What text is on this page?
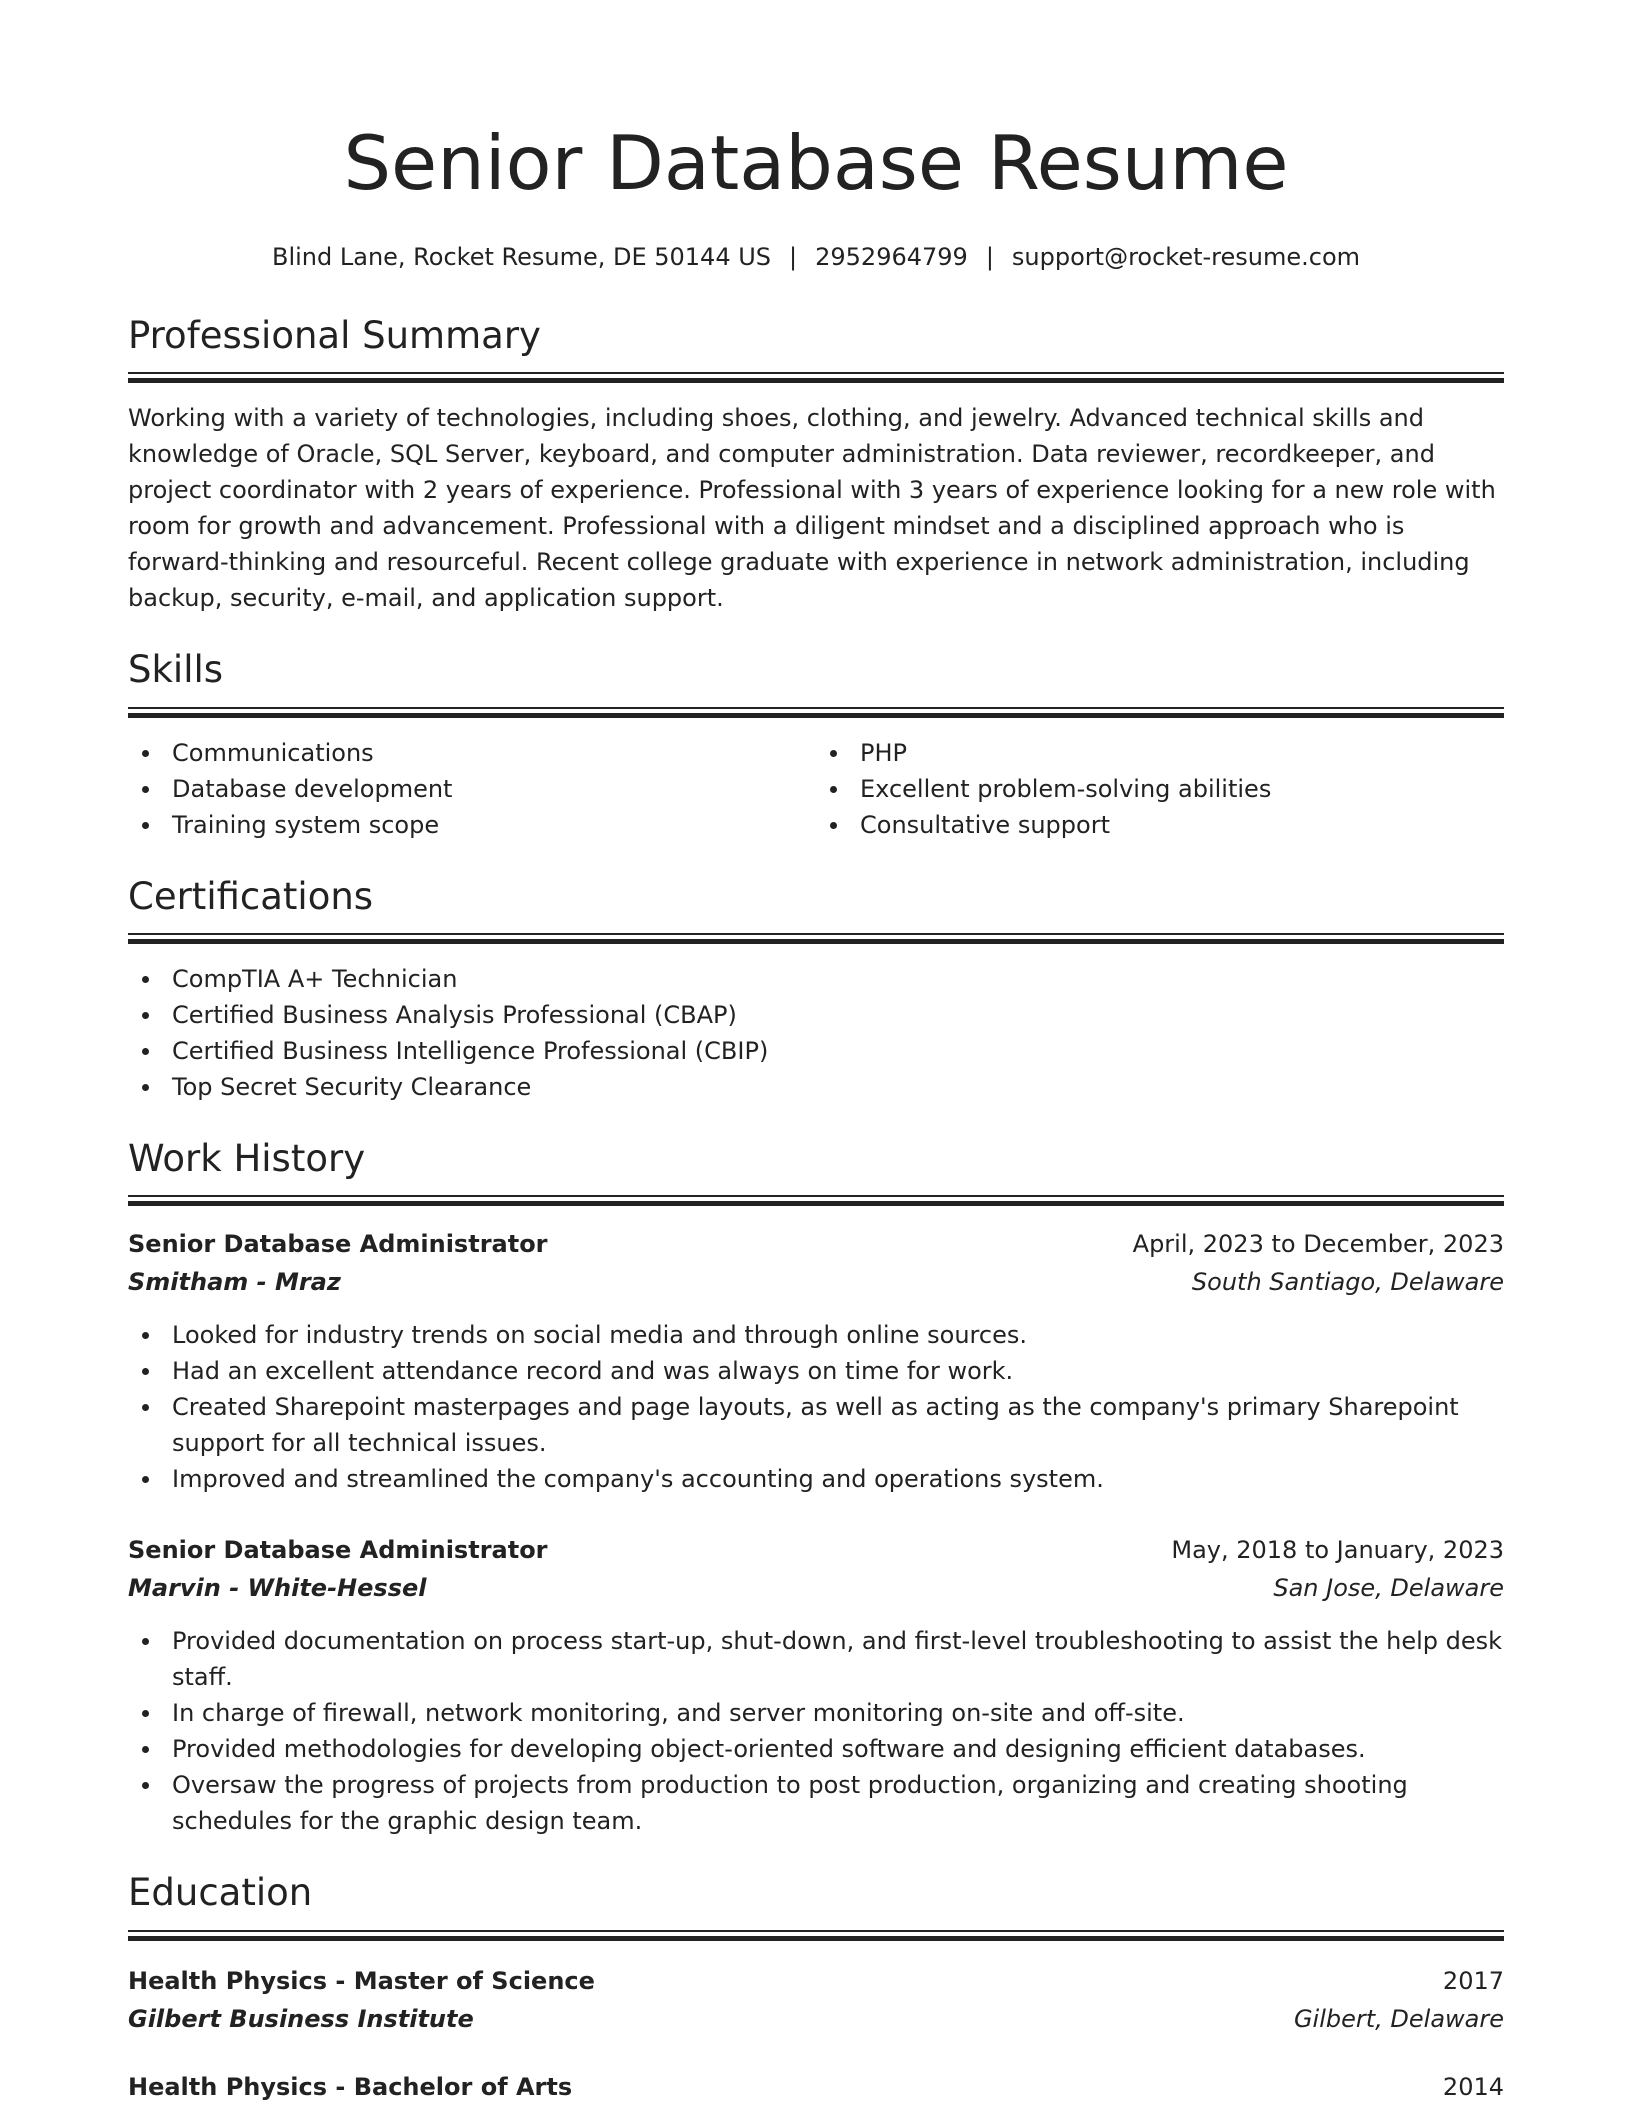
Senior Database Resume
Blind Lane, Rocket Resume, DE 50144 US | 2952964799 | support@rocket-resume.com
Professional Summary
Working with a variety of technologies, including shoes, clothing, and jewelry. Advanced technical skills and knowledge of Oracle, SQL Server, keyboard, and computer administration. Data reviewer, recordkeeper, and project coordinator with 2 years of experience. Professional with 3 years of experience looking for a new role with room for growth and advancement. Professional with a diligent mindset and a disciplined approach who is forward-thinking and resourceful. Recent college graduate with experience in network administration, including backup, security, e-mail, and application support.
Skills
Communications
Database development
Training system scope
PHP
Excellent problem-solving abilities
Consultative support
Certifications
CompTIA A+ Technician
Certified Business Analysis Professional (CBAP)
Certified Business Intelligence Professional (CBIP)
Top Secret Security Clearance
Work History
Senior Database Administrator	April, 2023 to December, 2023
Smitham - Mraz	South Santiago, Delaware
Looked for industry trends on social media and through online sources.
Had an excellent attendance record and was always on time for work.
Created Sharepoint masterpages and page layouts, as well as acting as the company's primary Sharepoint support for all technical issues.
Improved and streamlined the company's accounting and operations system.
Senior Database Administrator	May, 2018 to January, 2023
Marvin - White-Hessel	San Jose, Delaware
Provided documentation on process start-up, shut-down, and first-level troubleshooting to assist the help desk staff.
In charge of firewall, network monitoring, and server monitoring on-site and off-site.
Provided methodologies for developing object-oriented software and designing efficient databases.
Oversaw the progress of projects from production to post production, organizing and creating shooting schedules for the graphic design team.
Education
Health Physics - Master of Science	2017
Gilbert Business Institute	Gilbert, Delaware
Health Physics - Bachelor of Arts	2014
